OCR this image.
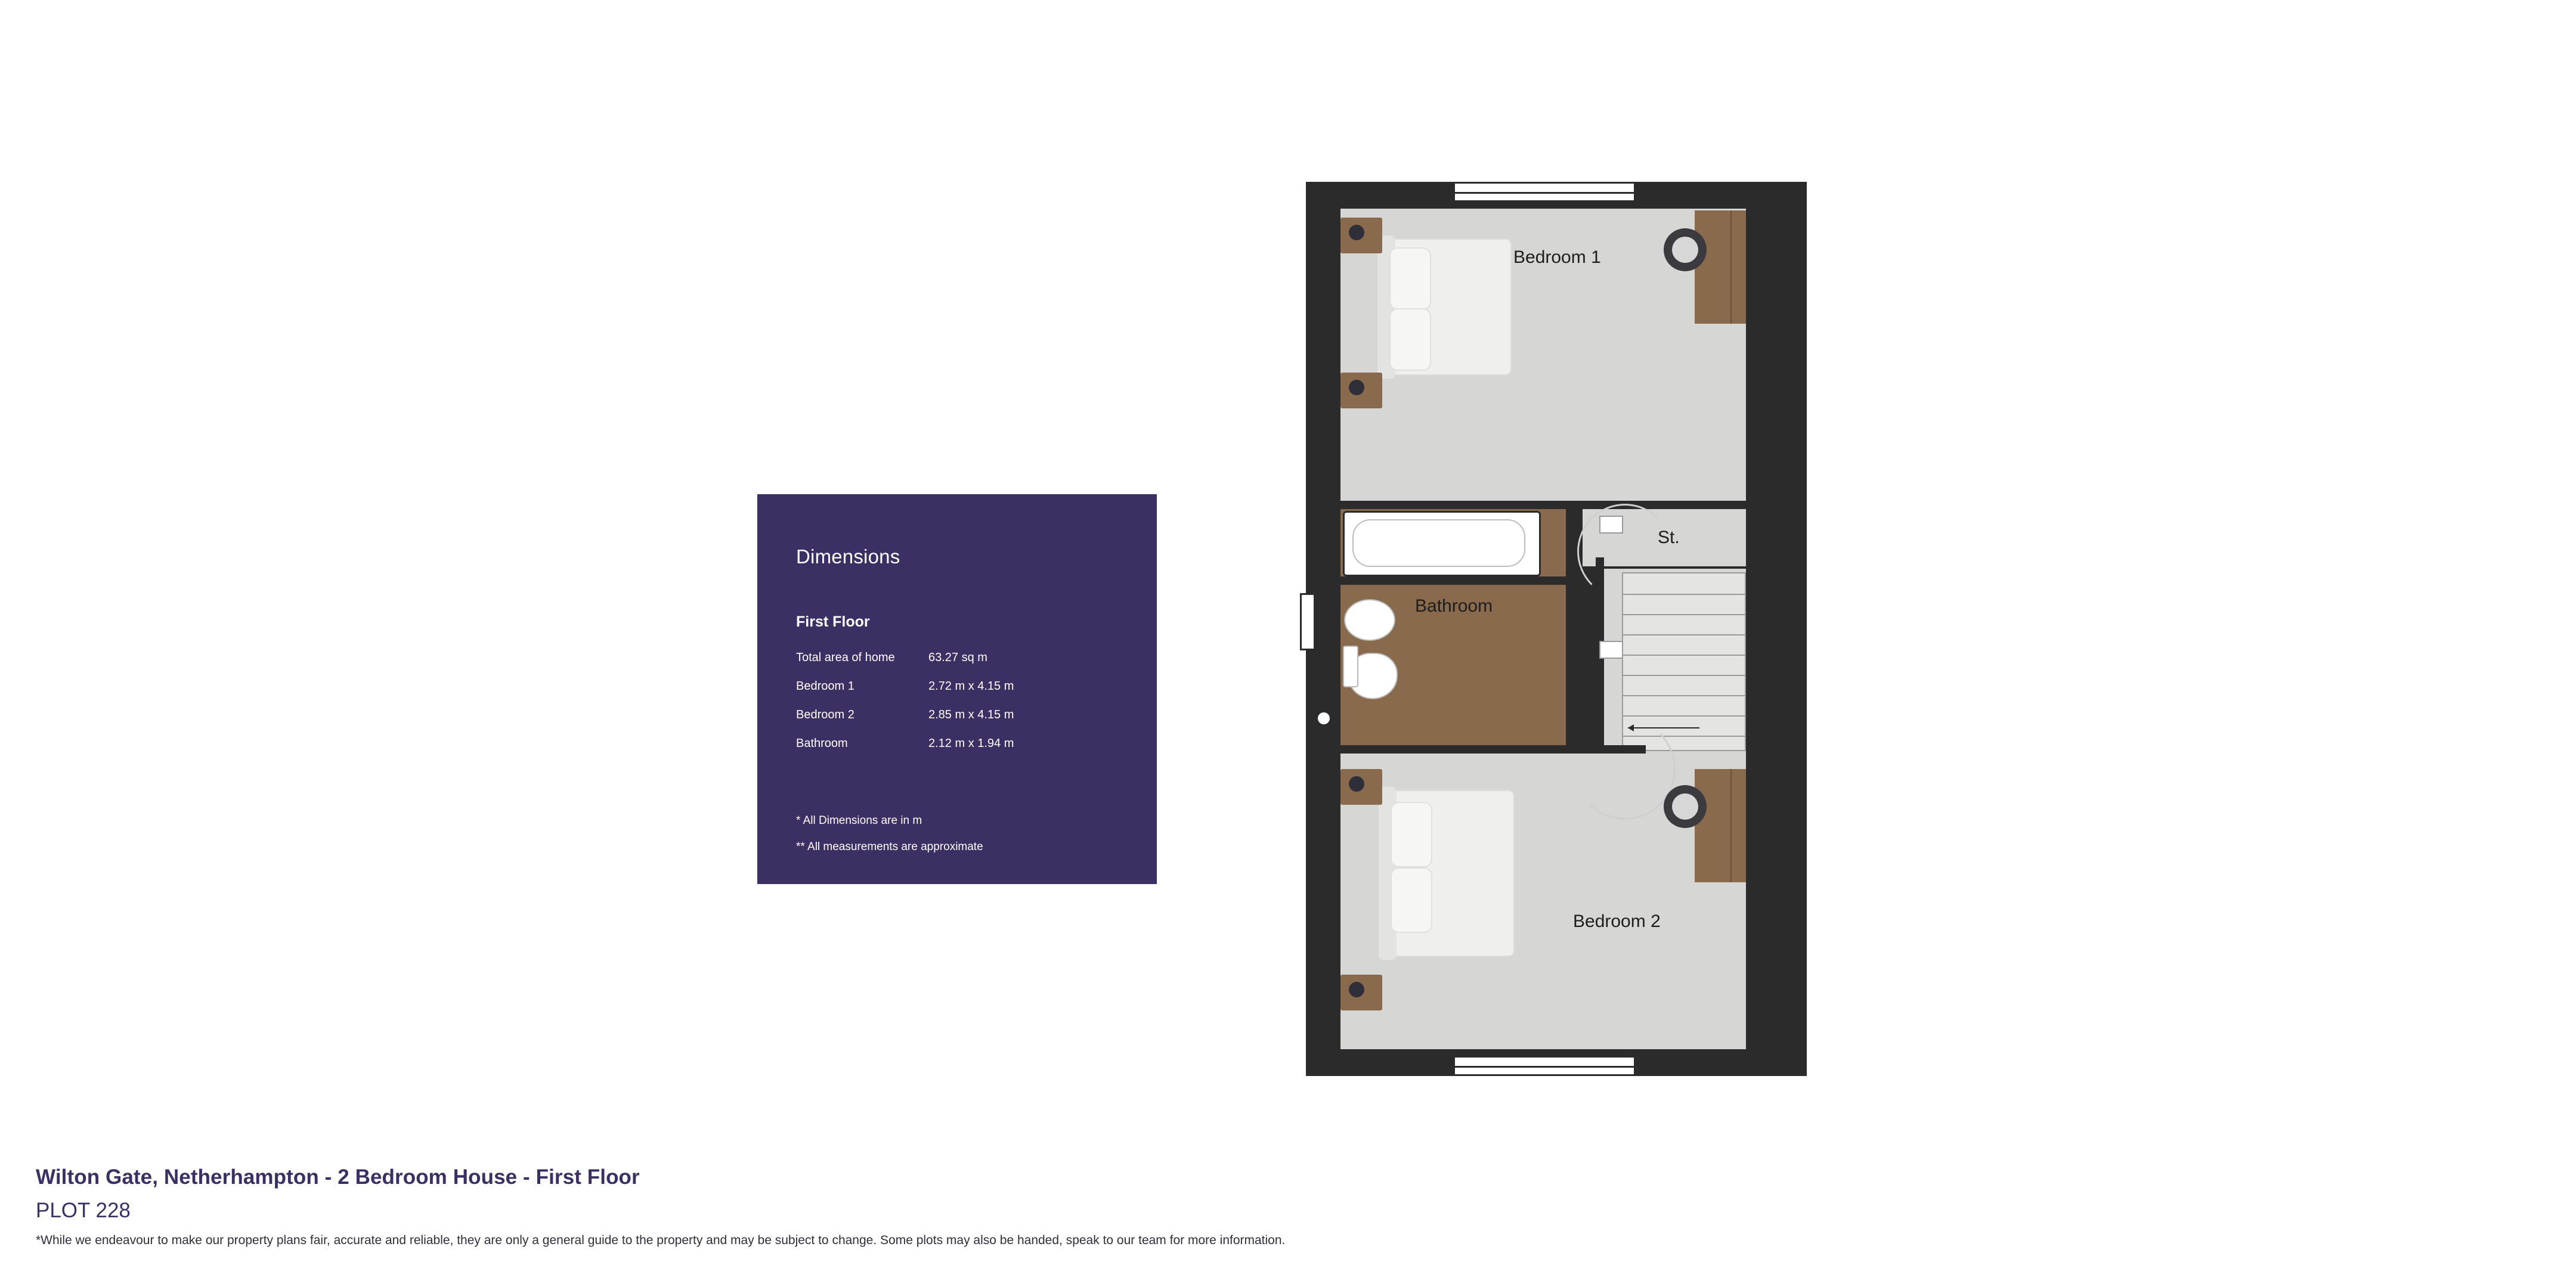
Dimensions
First Floor
Total area of home	63.27 sq m
Bedroom 1	2.72 m x 4.15 m
Bedroom 2	2.85 m x 4.15 m
Bathroom	2.12 m x 1.94 m
* All Dimensions are in m
** All measurements are approximate
Bedroom 1
St.
Bathroom
Bedroom 2
Wilton Gate, Netherhampton - 2 Bedroom House - First Floor
PLOT 228
*While we endeavour to make our property plans fair, accurate and reliable, they are only a general guide to the property and may be subject to change. Some plots may also be handed, speak to our team for more information.
